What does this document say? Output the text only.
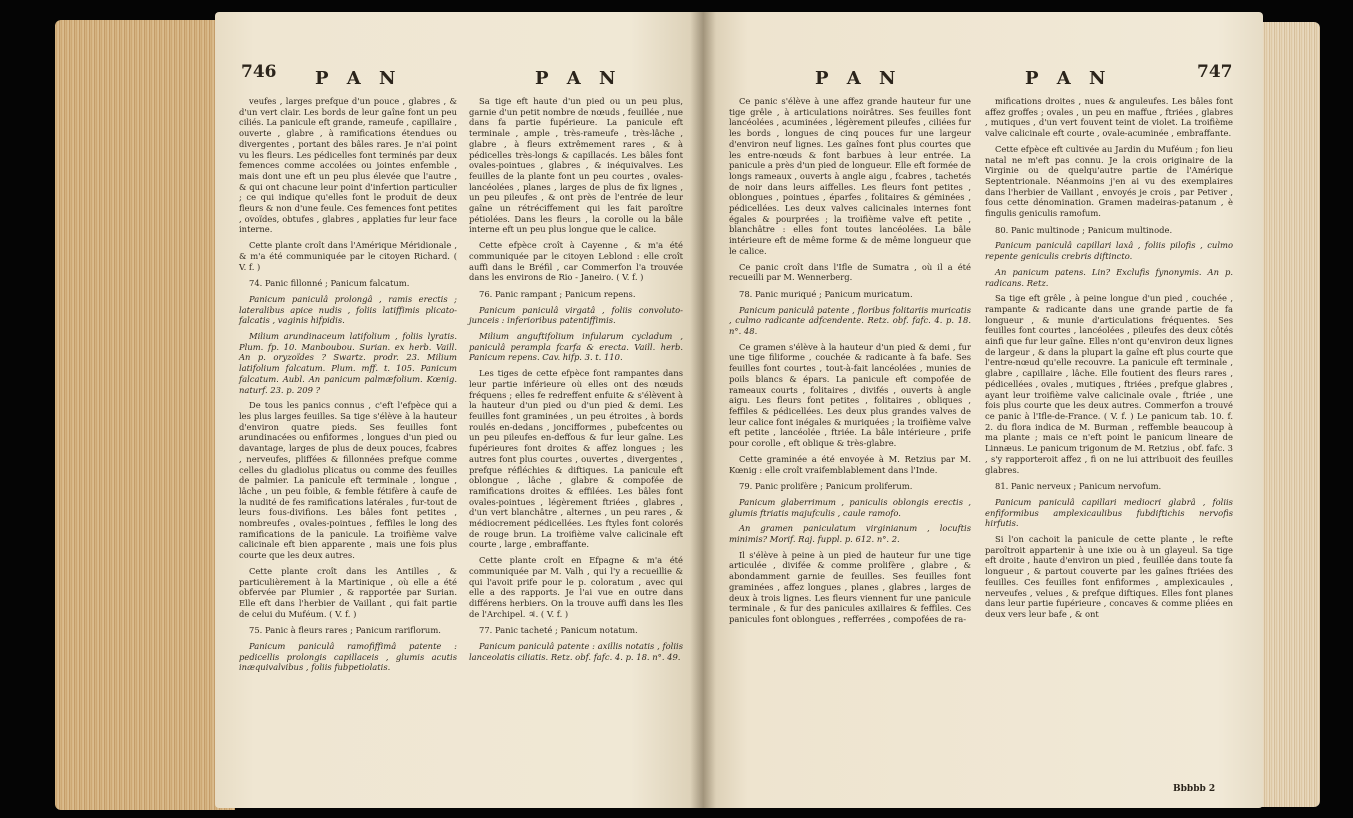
746 P A N	P A N

veufes , larges prefque d'un pouce , glabres , & d'un vert clair. Les bords de leur gaîne font un peu ciliés. La panicule eft grande, rameufe , capillaire , ouverte , glabre , à ramifications étendues ou divergentes , portant des bâles rares. Je n'ai point vu les fleurs. Les pédicelles font terminés par deux femences comme accolées ou jointes enfemble , mais dont une eft un peu plus élevée que l'autre , & qui ont chacune leur point d'infertion particulier ; ce qui indique qu'elles font le produit de deux fleurs & non d'une feule. Ces femences font petites , ovoïdes, obtufes , glabres , applaties fur leur face interne.

Cette plante croît dans l'Amérique Méridionale , & m'a été communiquée par le citoyen Richard. ( V. f. )

74. Panic fillonné ; Panicum falcatum.

Panicum paniculâ prolongâ , ramis erectis ; lateralibus apice nudis , foliis latiffimis plicato-falcatis , vaginis hifpidis.

Milium arundinaceum latifolium , foliis lyratis. Plum. fp. 10. Manboubou. Surian. ex herb. Vaill. An p. oryzoïdes ? Swartz. prodr. 23. Milium latifolium falcatum. Plum. mff. t. 105. Panicum falcatum. Aubl. An panicum palmæfolium. Kœnig. naturf. 23. p. 209 ?

De tous les panics connus , c'eft l'efpèce qui a les plus larges feuilles. Sa tige s'élève à la hauteur d'environ quatre pieds. Ses feuilles font arundinacées ou enfiformes , longues d'un pied ou davantage, larges de plus de deux pouces, fcabres , nerveufes, pliffées & fillonnées prefque comme celles du gladiolus plicatus ou comme des feuilles de palmier. La panicule eft terminale , longue , lâche , un peu foible, & femble fétifère à caufe de la nudité de fes ramifications latérales , fur-tout de leurs fous-divifions. Les bâles font petites , nombreufes , ovales-pointues , feffiles le long des ramifications de la panicule. La troifième valve calicinale eft bien apparente , mais une fois plus courte que les deux autres.

Cette plante croît dans les Antilles , & particulièrement à la Martinique , où elle a été obfervée par Plumier , & rapportée par Surian. Elle eft dans l'herbier de Vaillant , qui fait partie de celui du Muféum. ( V. f. )

75. Panic à fleurs rares ; Panicum rariflorum.

Panicum paniculâ ramofiffimâ patente : pedicellis prolongis capillaceis , glumis acutis inæquivalvibus , foliis fubpetiolatis.

Sa tige eft haute d'un pied ou un peu plus, garnie d'un petit nombre de nœuds , feuillée , nue dans fa partie fupérieure. La panicule eft terminale , ample , très-rameufe , très-lâche , glabre , à fleurs extrêmement rares , & à pédicelles très-longs & capillacés. Les bâles font ovales-pointues , glabres , & inéquivalves. Les feuilles de la plante font un peu courtes , ovales-lancéolées , planes , larges de plus de fix lignes , un peu pileufes , & ont près de l'entrée de leur gaîne un rétréciffement qui les fait paroître pétiolées. Dans les fleurs , la corolle ou la bâle interne eft un peu plus longue que le calice.

Cette efpèce croît à Cayenne , & m'a été communiquée par le citoyen Leblond : elle croît auffi dans le Bréfil , car Commerfon l'a trouvée dans les environs de Rio - Janeiro. ( V. f. )

76. Panic rampant ; Panicum repens.

Panicum paniculâ virgatâ , foliis convoluto-junceis : inferioribus patentiffimis.

Milium anguftifolium infularum cycladum , paniculâ perampla fcarfa & erecta. Vaill. herb. Panicum repens. Cav. hifp. 3. t. 110.

Les tiges de cette efpèce font rampantes dans leur partie inférieure où elles ont des nœuds fréquens ; elles fe redreffent enfuite & s'élèvent à la hauteur d'un pied ou d'un pied & demi. Les feuilles font graminées , un peu étroites , à bords roulés en-dedans , joncifformes , pubefcentes ou un peu pileufes en-deffous & fur leur gaîne. Les fupérieures font droites & affez longues ; les autres font plus courtes , ouvertes , divergentes , prefque réfléchies & diftiques. La panicule eft oblongue , lâche , glabre & compofée de ramifications droites & effilées. Les bâles font ovales-pointues , légèrement ftriées , glabres , d'un vert blanchâtre , alternes , un peu rares , & médiocrement pédicellées. Les ftyles font colorés de rouge brun. La troifième valve calicinale eft courte , large , embraffante.

Cette plante croît en Efpagne & m'a été communiquée par M. Valh , qui l'y a recueillie & qui l'avoit prife pour le p. coloratum , avec qui elle a des rapports. Je l'ai vue en outre dans différens herbiers. On la trouve auffi dans les Iles de l'Archipel. ♃. ( V. f. )

77. Panic tacheté ; Panicum notatum.

Panicum paniculâ patente : axillis notatis , foliis lanceolatis ciliatis. Retz. obf. fafc. 4. p. 18. n°. 49.

P A N	P A N	747

Ce panic s'élève à une affez grande hauteur fur une tige grêle , à articulations noirâtres. Ses feuilles font lancéolées , acuminées , légèrement pileufes , ciliées fur les bords , longues de cinq pouces fur une largeur d'environ neuf lignes. Les gaînes font plus courtes que les entre-nœuds & font barbues à leur entrée. La panicule a près d'un pied de longueur. Elle eft formée de longs rameaux , ouverts à angle aigu , fcabres , tachetés de noir dans leurs aiffelles. Les fleurs font petites , oblongues , pointues , éparfes , folitaires & géminées , pédicellées. Les deux valves calicinales internes font égales & pourprées ; la troifième valve eft petite , blanchâtre : elles font toutes lancéolées. La bâle intérieure eft de même forme & de même longueur que le calice.

Ce panic croît dans l'Ifle de Sumatra , où il a été recueilli par M. Wennerberg.

78. Panic muriqué ; Panicum muricatum.

Panicum paniculâ patente , floribus folitariis muricatis , culmo radicante adfcendente. Retz. obf. fafc. 4. p. 18. n°. 48.

Ce gramen s'élève à la hauteur d'un pied & demi , fur une tige filiforme , couchée & radicante à fa bafe. Ses feuilles font courtes , tout-à-fait lancéolées , munies de poils blancs & épars. La panicule eft compofée de rameaux courts , folitaires , divifés , ouverts à angle aigu. Les fleurs font petites , folitaires , obliques , feffiles & pédicellées. Les deux plus grandes valves de leur calice font inégales & muriquées ; la troifième valve eft petite , lancéolée , ftriée. La bâle intérieure , prife pour corolle , eft oblique & très-glabre.

Cette graminée a été envoyée à M. Retzius par M. Kœnig : elle croît vraifemblablement dans l'Inde.

79. Panic prolifère ; Panicum proliferum.

Panicum glaberrimum , paniculis oblongis erectis , glumis ftriatis majufculis , caule ramofo.

An gramen paniculatum virginianum , locuftis minimis? Morif. Raj. fuppl. p. 612. n°. 2.

Il s'élève à peine à un pied de hauteur fur une tige articulée , divifée & comme prolifère , glabre , & abondamment garnie de feuilles. Ses feuilles font graminées , affez longues , planes , glabres , larges de deux à trois lignes. Les fleurs viennent fur une panicule terminale , & fur des panicules axillaires & feffiles. Ces panicules font oblongues , refferrées , compofées de ra-

mifications droites , nues & anguleufes. Les bâles font affez groffes ; ovales , un peu en maffue , ftriées , glabres , mutiques , d'un vert fouvent teint de violet. La troifième valve calicinale eft courte , ovale-acuminée , embraffante.

Cette efpèce eft cultivée au Jardin du Muféum ; fon lieu natal ne m'eft pas connu. Je la crois originaire de la Virginie ou de quelqu'autre partie de l'Amérique Septentrionale. Néanmoins j'en ai vu des exemplaires dans l'herbier de Vaillant , envoyés je crois , par Petiver , fous cette dénomination. Gramen madeiras-patanum , è fingulis geniculis ramofum.

80. Panic multinode ; Panicum multinode.

Panicum paniculâ capillari laxâ , foliis pilofis , culmo repente geniculis crebris diftincto.

An panicum patens. Lin? Exclufis fynonymis. An p. radicans. Retz.

Sa tige eft grêle , à peine longue d'un pied , couchée , rampante & radicante dans une grande partie de fa longueur , & munie d'articulations fréquentes. Ses feuilles font courtes , lancéolées , pileufes des deux côtés ainfi que fur leur gaîne. Elles n'ont qu'environ deux lignes de largeur , & dans la plupart la gaîne eft plus courte que l'entre-nœud qu'elle recouvre. La panicule eft terminale , glabre , capillaire , lâche. Elle foutient des fleurs rares , pédicellées , ovales , mutiques , ftriées , prefque glabres , ayant leur troifième valve calicinale ovale , ftriée , une fois plus courte que les deux autres. Commerfon a trouvé ce panic à l'Ifle-de-France. ( V. f. ) Le panicum tab. 10. f. 2. du flora indica de M. Burman , reffemble beaucoup à ma plante ; mais ce n'eft point le panicum lineare de Linnæus. Le panicum trigonum de M. Retzius , obf. fafc. 3 , s'y rapporteroit affez , fi on ne lui attribuoit des feuilles glabres.

81. Panic nerveux ; Panicum nervofum.

Panicum paniculâ capillari mediocri glabrâ , foliis enfiformibus amplexicaulibus fubdiftichis nervofis hirfutis.

Si l'on cachoit la panicule de cette plante , le refte paroîtroit appartenir à une ixie ou à un glayeul. Sa tige eft droite , haute d'environ un pied , feuillée dans toute fa longueur , & partout couverte par les gaînes ftriées des feuilles. Ces feuilles font enfiformes , amplexicaules , nerveufes , velues , & prefque diftiques. Elles font planes dans leur partie fupérieure , concaves & comme pliées en deux vers leur bafe , & ont

Bbbbb 2
